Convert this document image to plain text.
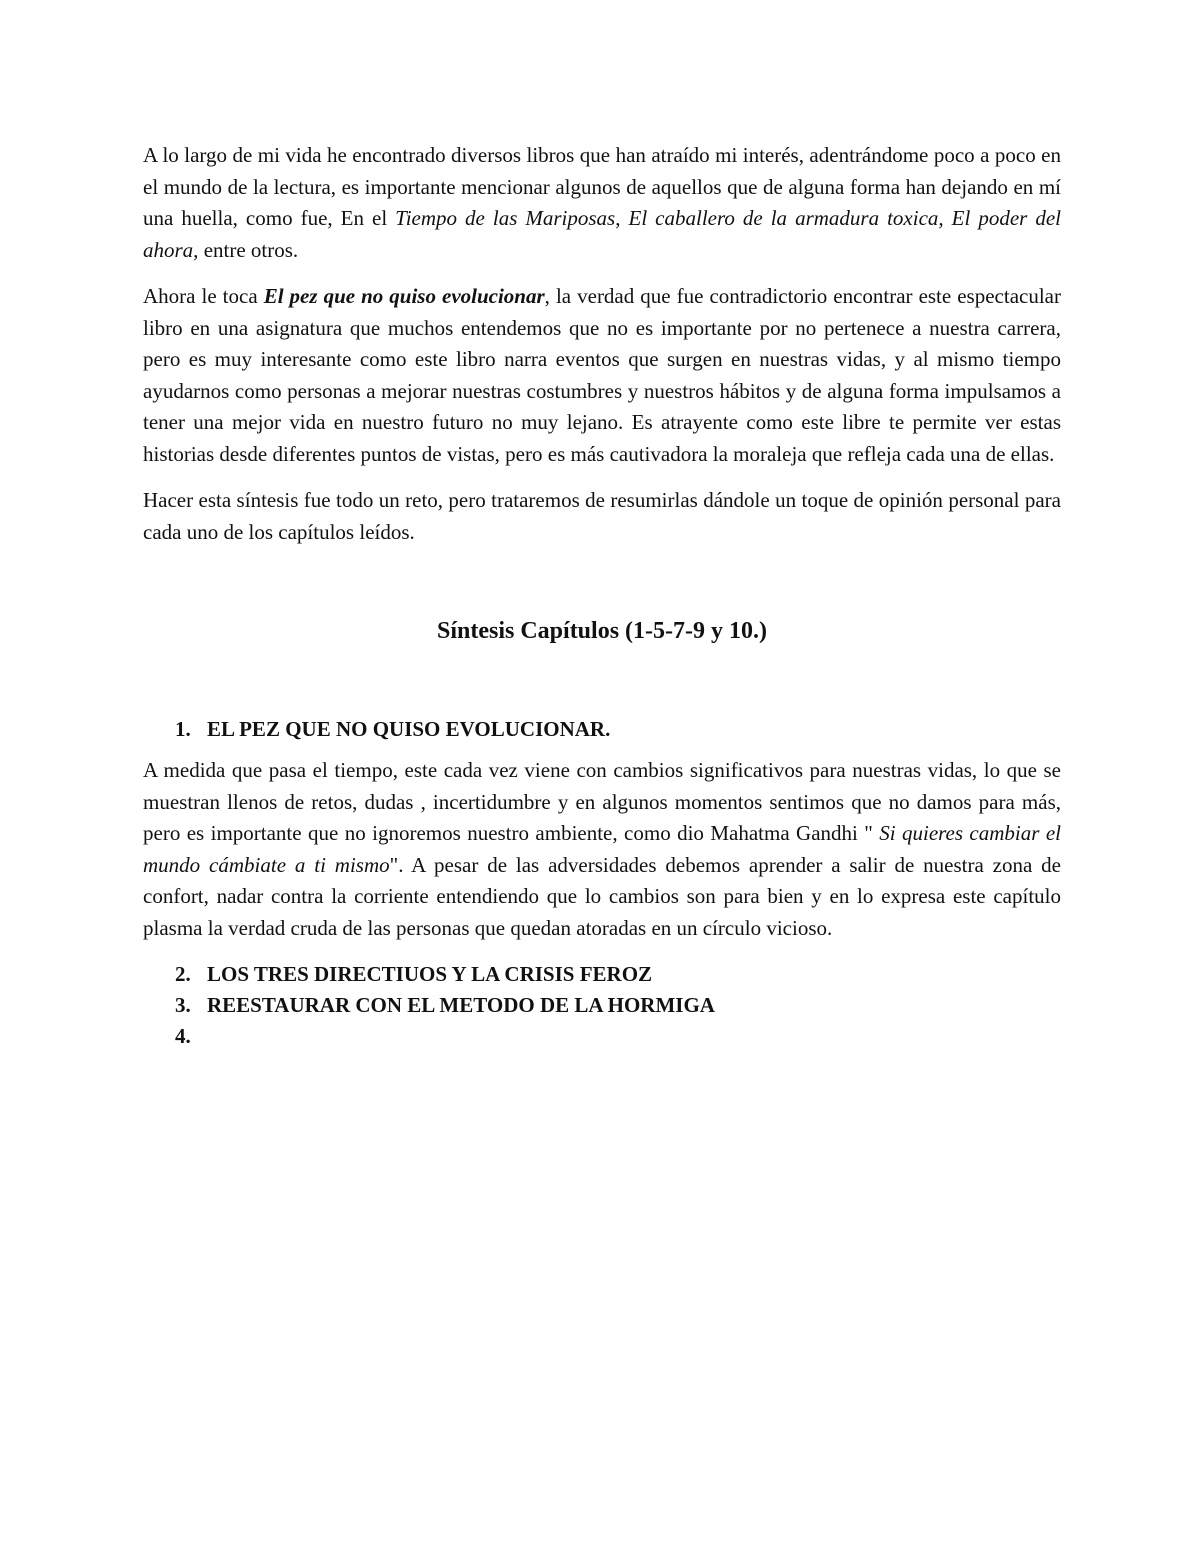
A lo largo de mi vida he encontrado diversos libros que han atraído mi interés, adentrándome poco a poco en el mundo de la lectura, es importante mencionar algunos de aquellos que de alguna forma han dejando en mí una huella, como fue, En el Tiempo de las Mariposas, El caballero de la armadura toxica, El poder del ahora, entre otros.

Ahora le toca El pez que no quiso evolucionar, la verdad que fue contradictorio encontrar este espectacular libro en una asignatura que muchos entendemos que no es importante por no pertenece a nuestra carrera, pero es muy interesante como este libro narra eventos que surgen en nuestras vidas, y al mismo tiempo ayudarnos como personas a mejorar nuestras costumbres y nuestros hábitos y de alguna forma impulsamos a tener una mejor vida en nuestro futuro no muy lejano. Es atrayente como este libre te permite ver estas historias desde diferentes puntos de vistas, pero es más cautivadora la moraleja que refleja cada una de ellas.

Hacer esta síntesis fue todo un reto, pero trataremos de resumirlas dándole un toque de opinión personal para cada uno de los capítulos leídos.

Síntesis Capítulos (1-5-7-9 y 10.)
1. EL PEZ QUE NO QUISO EVOLUCIONAR.

A medida que pasa el tiempo, este cada vez viene con cambios significativos para nuestras vidas, lo que se muestran llenos de retos, dudas , incertidumbre y en algunos momentos sentimos que no damos para más, pero es importante que no ignoremos nuestro ambiente, como dio Mahatma Gandhi " Si quieres cambiar el mundo cámbiate a ti mismo". A pesar de las adversidades debemos aprender a salir de nuestra zona de confort, nadar contra la corriente entendiendo que lo cambios son para bien y en lo expresa este capítulo plasma la verdad cruda de las personas que quedan atoradas en un círculo vicioso.

2. LOS TRES DIRECTIUOS Y LA CRISIS FEROZ
3. REESTAURAR CON EL METODO DE LA HORMIGA
4.
